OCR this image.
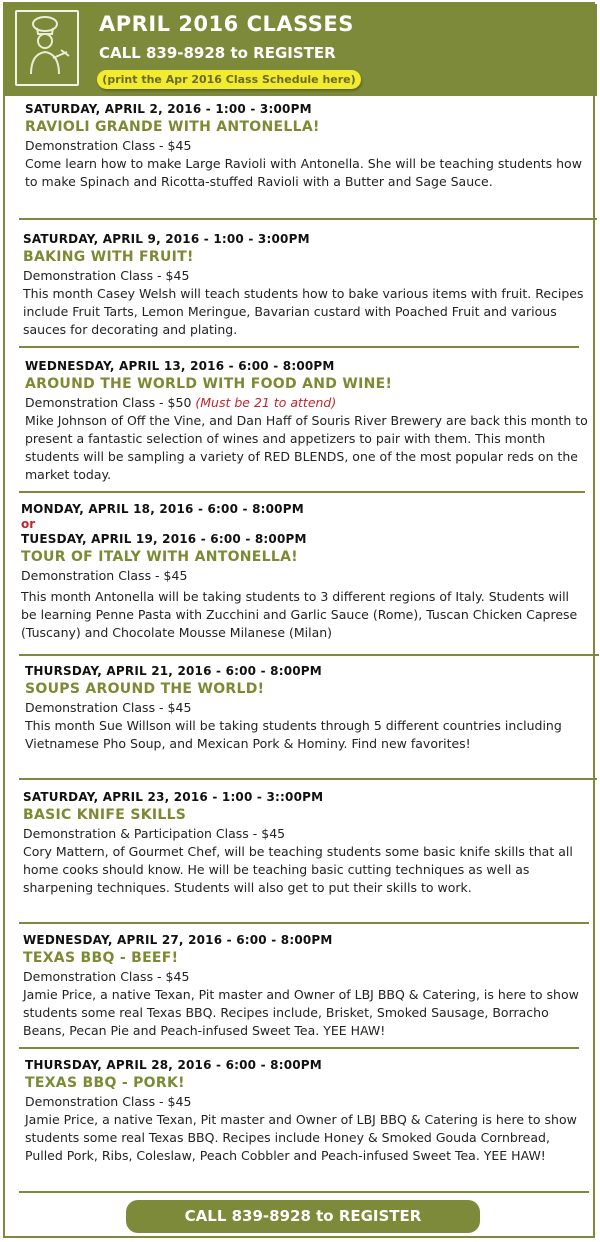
APRIL 2016 CLASSES
CALL 839-8928 to REGISTER
(print the Apr 2016 Class Schedule here)
SATURDAY, APRIL 2, 2016 - 1:00 - 3:00PM
RAVIOLI GRANDE WITH ANTONELLA!
Demonstration Class - $45
Come learn how to make Large Ravioli with Antonella. She will be teaching students how to make Spinach and Ricotta-stuffed Ravioli with a Butter and Sage Sauce.
SATURDAY, APRIL 9, 2016 - 1:00 - 3:00PM
BAKING WITH FRUIT!
Demonstration Class - $45
This month Casey Welsh will teach students how to bake various items with fruit. Recipes include Fruit Tarts, Lemon Meringue, Bavarian custard with Poached Fruit and various sauces for decorating and plating.
WEDNESDAY, APRIL 13, 2016 - 6:00 - 8:00PM
AROUND THE WORLD WITH FOOD AND WINE!
Demonstration Class - $50 (Must be 21 to attend)
Mike Johnson of Off the Vine, and Dan Haff of Souris River Brewery are back this month to present a fantastic selection of wines and appetizers to pair with them. This month students will be sampling a variety of RED BLENDS, one of the most popular reds on the market today.
MONDAY, APRIL 18, 2016 - 6:00 - 8:00PM
or
TUESDAY, APRIL 19, 2016 - 6:00 - 8:00PM
TOUR OF ITALY WITH ANTONELLA!
Demonstration Class - $45
This month Antonella will be taking students to 3 different regions of Italy. Students will be learning Penne Pasta with Zucchini and Garlic Sauce (Rome), Tuscan Chicken Caprese (Tuscany) and Chocolate Mousse Milanese (Milan)
THURSDAY, APRIL 21, 2016 - 6:00 - 8:00PM
SOUPS AROUND THE WORLD!
Demonstration Class - $45
This month Sue Willson will be taking students through 5 different countries including Vietnamese Pho Soup, and Mexican Pork & Hominy. Find new favorites!
SATURDAY, APRIL 23, 2016 - 1:00 - 3::00PM
BASIC KNIFE SKILLS
Demonstration & Participation Class - $45
Cory Mattern, of Gourmet Chef, will be teaching students some basic knife skills that all home cooks should know. He will be teaching basic cutting techniques as well as sharpening techniques. Students will also get to put their skills to work.
WEDNESDAY, APRIL 27, 2016 - 6:00 - 8:00PM
TEXAS BBQ - BEEF!
Demonstration Class - $45
Jamie Price, a native Texan, Pit master and Owner of LBJ BBQ & Catering, is here to show students some real Texas BBQ. Recipes include, Brisket, Smoked Sausage, Borracho Beans, Pecan Pie and Peach-infused Sweet Tea. YEE HAW!
THURSDAY, APRIL 28, 2016 - 6:00 - 8:00PM
TEXAS BBQ - PORK!
Demonstration Class - $45
Jamie Price, a native Texan, Pit master and Owner of LBJ BBQ & Catering is here to show students some real Texas BBQ. Recipes include Honey & Smoked Gouda Cornbread, Pulled Pork, Ribs, Coleslaw, Peach Cobbler and Peach-infused Sweet Tea. YEE HAW!
CALL 839-8928 to REGISTER
